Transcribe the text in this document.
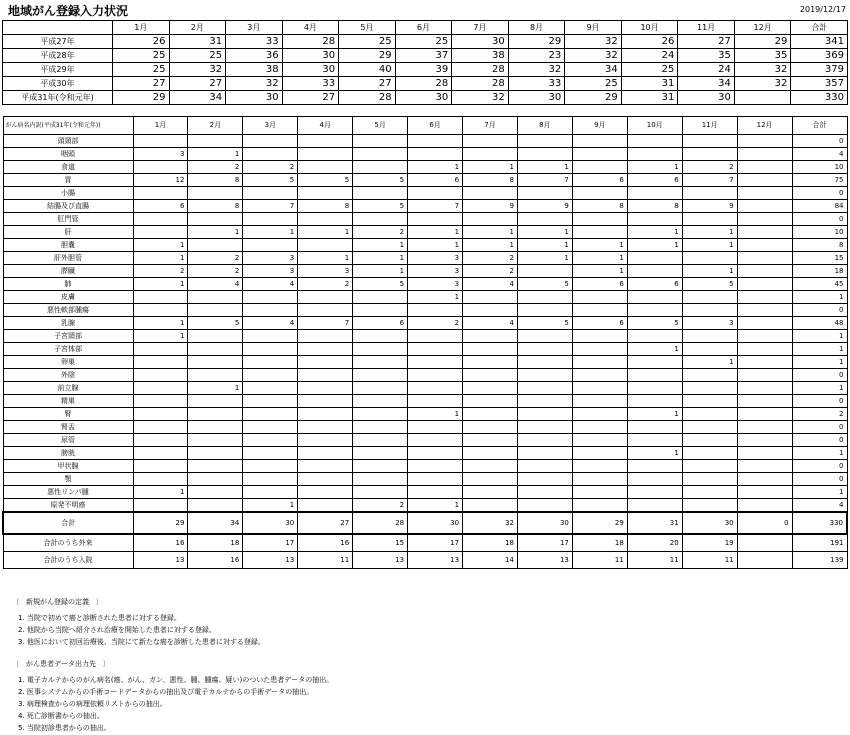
地域がん登録入力状況	2019/12/17
	1月	2月	3月	4月	5月	6月	7月	8月	9月	10月	11月	12月	合計
平成27年	26	31	33	28	25	25	30	29	32	26	27	29	341
平成28年	25	25	36	30	29	37	38	23	32	24	35	35	369
平成29年	25	32	38	30	40	39	28	32	34	25	24	32	379
平成30年	27	27	32	33	27	28	28	33	25	31	34	32	357
平成31年(令和元年)	29	34	30	27	28	30	32	30	29	31	30		330
がん病名内訳(平成31年(令和元年))	1月	2月	3月	4月	5月	6月	7月	8月	9月	10月	11月	12月	合計
頭頸部													0
咽頭	3	1											4
食道		2	2			1	1	1		1	2		10
胃	12	8	5	5	5	6	8	7	6	6	7		75
小腸													0
結腸及び直腸	6	8	7	8	5	7	9	9	8	8	9		84
肛門管													0
肝		1	1	1	2	1	1	1		1	1		10
胆嚢	1				1	1	1	1	1	1	1		8
肝外胆管	1	2	3	1	1	3	2	1	1				15
膵臓	2	2	3	3	1	3	2		1		1		18
肺	1	4	4	2	5	3	4	5	6	6	5		45
皮膚						1							1
悪性軟部腫瘍													0
乳腺	1	5	4	7	6	2	4	5	6	5	3		48
子宮頸部	1												1
子宮体部										1			1
卵巣											1		1
外陰													0
前立腺		1											1
精巣													0
腎						1				1			2
腎盂													0
尿管													0
膀胱										1			1
甲状腺													0
顎													0
悪性リンパ腫	1												1
原発不明癌			1		2	1							4
合計	29	34	30	27	28	30	32	30	29	31	30	0	330
合計のうち外来	16	18	17	16	15	17	18	17	18	20	19		191
合計のうち入院	13	16	13	11	13	13	14	13	11	11	11		139
〔　新規がん登録の定義　〕
1. 当院で初めて癌と診断された患者に対する登録。
2. 他院から当院へ紹介され治療を開始した患者に対する登録。
3. 他医において初回治療後、当院にて新たな癌を診断した患者に対する登録。
〔　がん患者データ出力先　〕
1. 電子カルテからのがん病名(癌、がん、ガン、悪性、腫、腫瘍、疑い)のついた患者データの抽出。
2. 医事システムからの手術コードデータからの抽出及び電子カルテからの手術データの抽出。
3. 病理検査からの病理依頼リストからの抽出。
4. 死亡診断書からの抽出。
5. 当院初診患者からの抽出。
